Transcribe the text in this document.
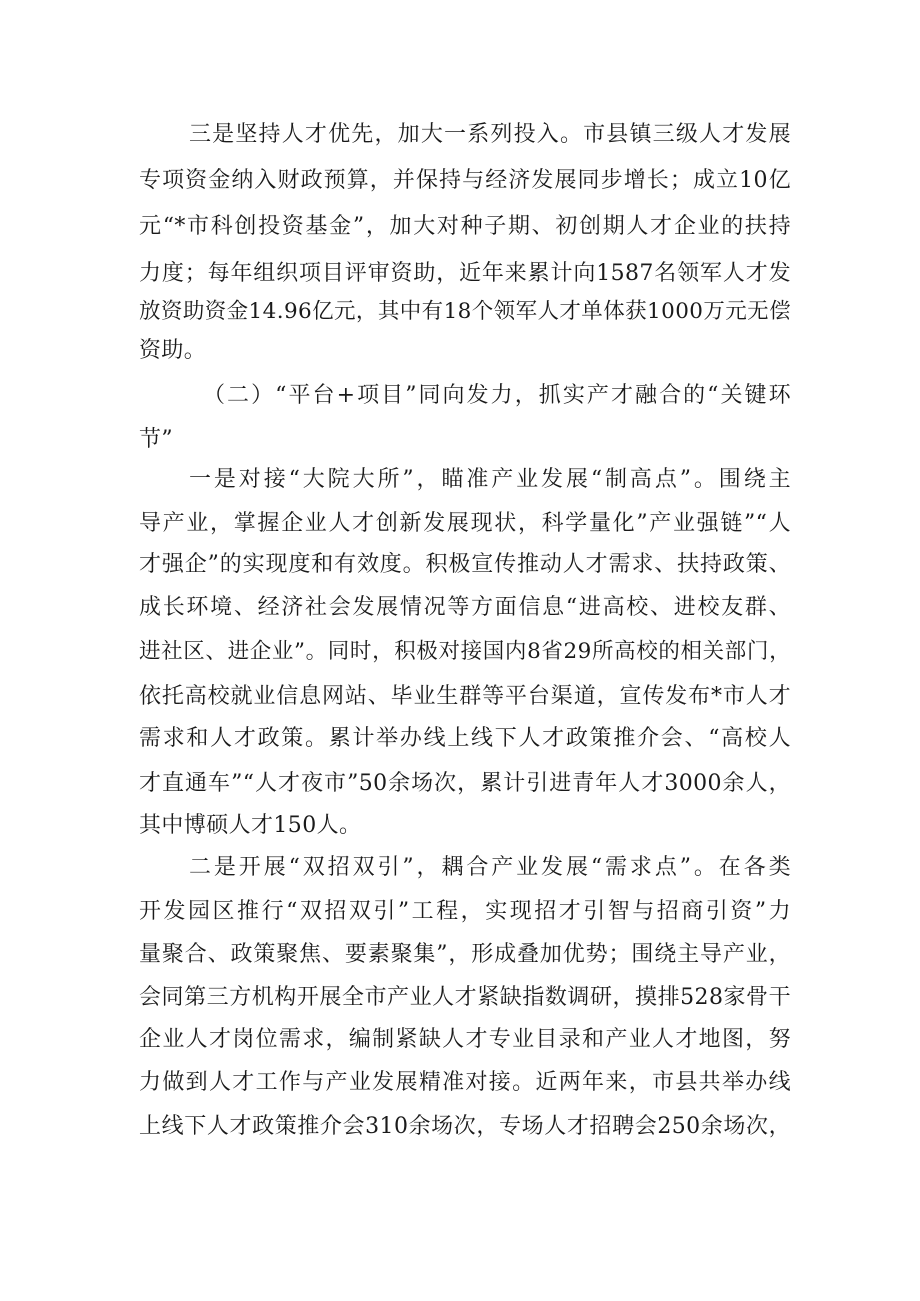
三是坚持人才优先，加大一系列投入。市县镇三级人才发展
专项资金纳入财政预算，并保持与经济发展同步增长；成立10亿
元“*市科创投资基金”，加大对种子期、初创期人才企业的扶持
力度；每年组织项目评审资助，近年来累计向1587名领军人才发
放资助资金14.96亿元，其中有18个领军人才单体获1000万元无偿
资助。
（二）“平台+项目”同向发力，抓实产才融合的“关键环
节”
一是对接“大院大所”，瞄准产业发展“制高点”。围绕主
导产业，掌握企业人才创新发展现状，科学量化”产业强链”“人
才强企”的实现度和有效度。积极宣传推动人才需求、扶持政策、
成长环境、经济社会发展情况等方面信息“进高校、进校友群、
进社区、进企业”。同时，积极对接国内8省29所高校的相关部门，
依托高校就业信息网站、毕业生群等平台渠道，宣传发布*市人才
需求和人才政策。累计举办线上线下人才政策推介会、“高校人
才直通车”“人才夜市”50余场次，累计引进青年人才3000余人，
其中博硕人才150人。
二是开展“双招双引”，耦合产业发展“需求点”。在各类
开发园区推行“双招双引”工程，实现招才引智与招商引资”力
量聚合、政策聚焦、要素聚集”，形成叠加优势；围绕主导产业，
会同第三方机构开展全市产业人才紧缺指数调研，摸排528家骨干
企业人才岗位需求，编制紧缺人才专业目录和产业人才地图，努
力做到人才工作与产业发展精准对接。近两年来，市县共举办线
上线下人才政策推介会310余场次，专场人才招聘会250余场次，
